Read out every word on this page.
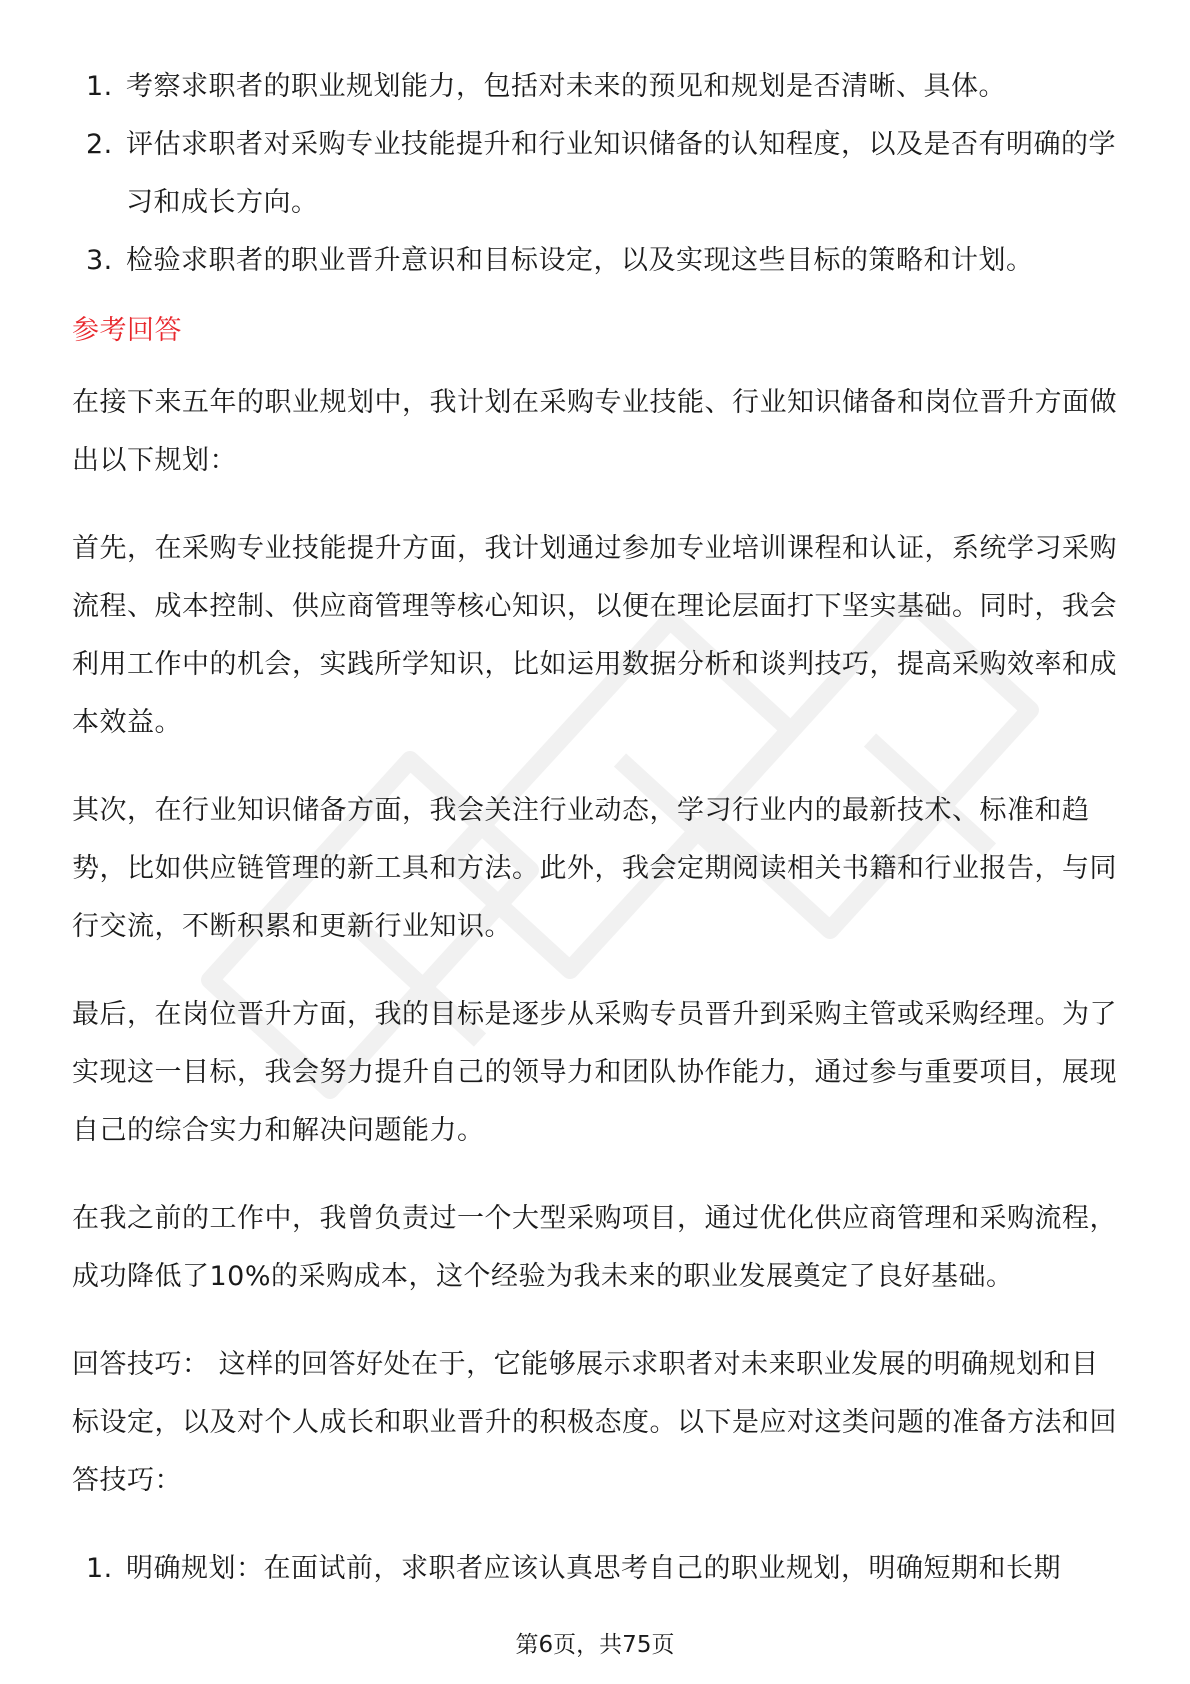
1. 考察求职者的职业规划能力，包括对未来的预见和规划是否清晰、具体。
2. 评估求职者对采购专业技能提升和行业知识储备的认知程度，以及是否有明确的学习和成长方向。
3. 检验求职者的职业晋升意识和目标设定，以及实现这些目标的策略和计划。
参考回答

在接下来五年的职业规划中，我计划在采购专业技能、行业知识储备和岗位晋升方面做出以下规划：

首先，在采购专业技能提升方面，我计划通过参加专业培训课程和认证，系统学习采购流程、成本控制、供应商管理等核心知识，以便在理论层面打下坚实基础。同时，我会利用工作中的机会，实践所学知识，比如运用数据分析和谈判技巧，提高采购效率和成本效益。

其次，在行业知识储备方面，我会关注行业动态，学习行业内的最新技术、标准和趋势，比如供应链管理的新工具和方法。此外，我会定期阅读相关书籍和行业报告，与同行交流，不断积累和更新行业知识。

最后，在岗位晋升方面，我的目标是逐步从采购专员晋升到采购主管或采购经理。为了实现这一目标，我会努力提升自己的领导力和团队协作能力，通过参与重要项目，展现自己的综合实力和解决问题能力。

在我之前的工作中，我曾负责过一个大型采购项目，通过优化供应商管理和采购流程，成功降低了10%的采购成本，这个经验为我未来的职业发展奠定了良好基础。

回答技巧： 这样的回答好处在于，它能够展示求职者对未来职业发展的明确规划和目标设定，以及对个人成长和职业晋升的积极态度。以下是应对这类问题的准备方法和回答技巧：

1. 明确规划：在面试前，求职者应该认真思考自己的职业规划，明确短期和长期
第6页，共75页
